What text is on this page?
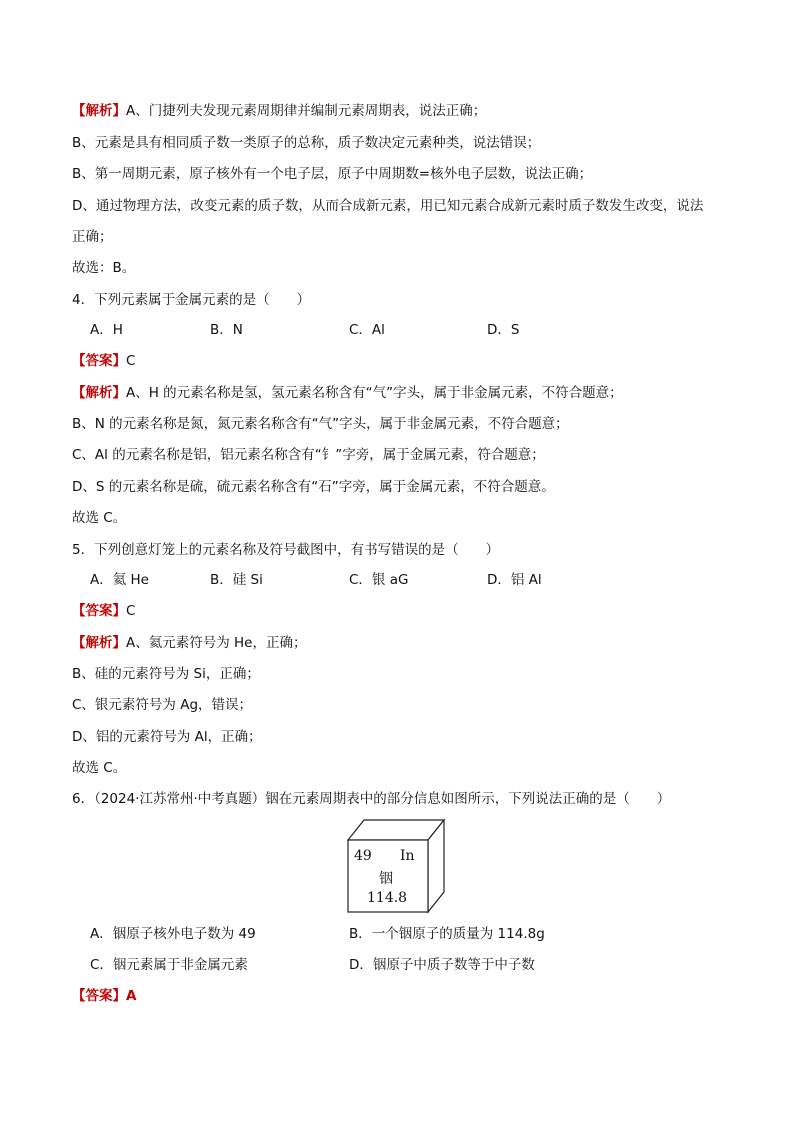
【解析】A、门捷列夫发现元素周期律并编制元素周期表，说法正确；
B、元素是具有相同质子数一类原子的总称，质子数决定元素种类，说法错误；
B、第一周期元素，原子核外有一个电子层，原子中周期数=核外电子层数，说法正确；
D、通过物理方法，改变元素的质子数，从而合成新元素，用已知元素合成新元素时质子数发生改变，说法
正确；
故选：B。
4．下列元素属于金属元素的是（　　）
A．H	B．N	C．Al	D．S
【答案】C
【解析】A、H 的元素名称是氢，氢元素名称含有“气”字头，属于非金属元素，不符合题意；
B、N 的元素名称是氮，氮元素名称含有“气”字头，属于非金属元素，不符合题意；
C、Al 的元素名称是铝，铝元素名称含有“钅”字旁，属于金属元素，符合题意；
D、S 的元素名称是硫，硫元素名称含有“石”字旁，属于金属元素，不符合题意。
故选 C。
5．下列创意灯笼上的元素名称及符号截图中，有书写错误的是（　　）
A．氦 He	B．硅 Si	C．银 aG	D．铝 Al
【答案】C
【解析】A、氦元素符号为 He，正确；
B、硅的元素符号为 Si，正确；
C、银元素符号为 Ag，错误；
D、铝的元素符号为 Al，正确；
故选 C。
6．（2024·江苏常州·中考真题）铟在元素周期表中的部分信息如图所示，下列说法正确的是（　　）
49 In
铟
114.8
A．铟原子核外电子数为 49	B．一个铟原子的质量为 114.8g
C．铟元素属于非金属元素	D．铟原子中质子数等于中子数
【答案】A
